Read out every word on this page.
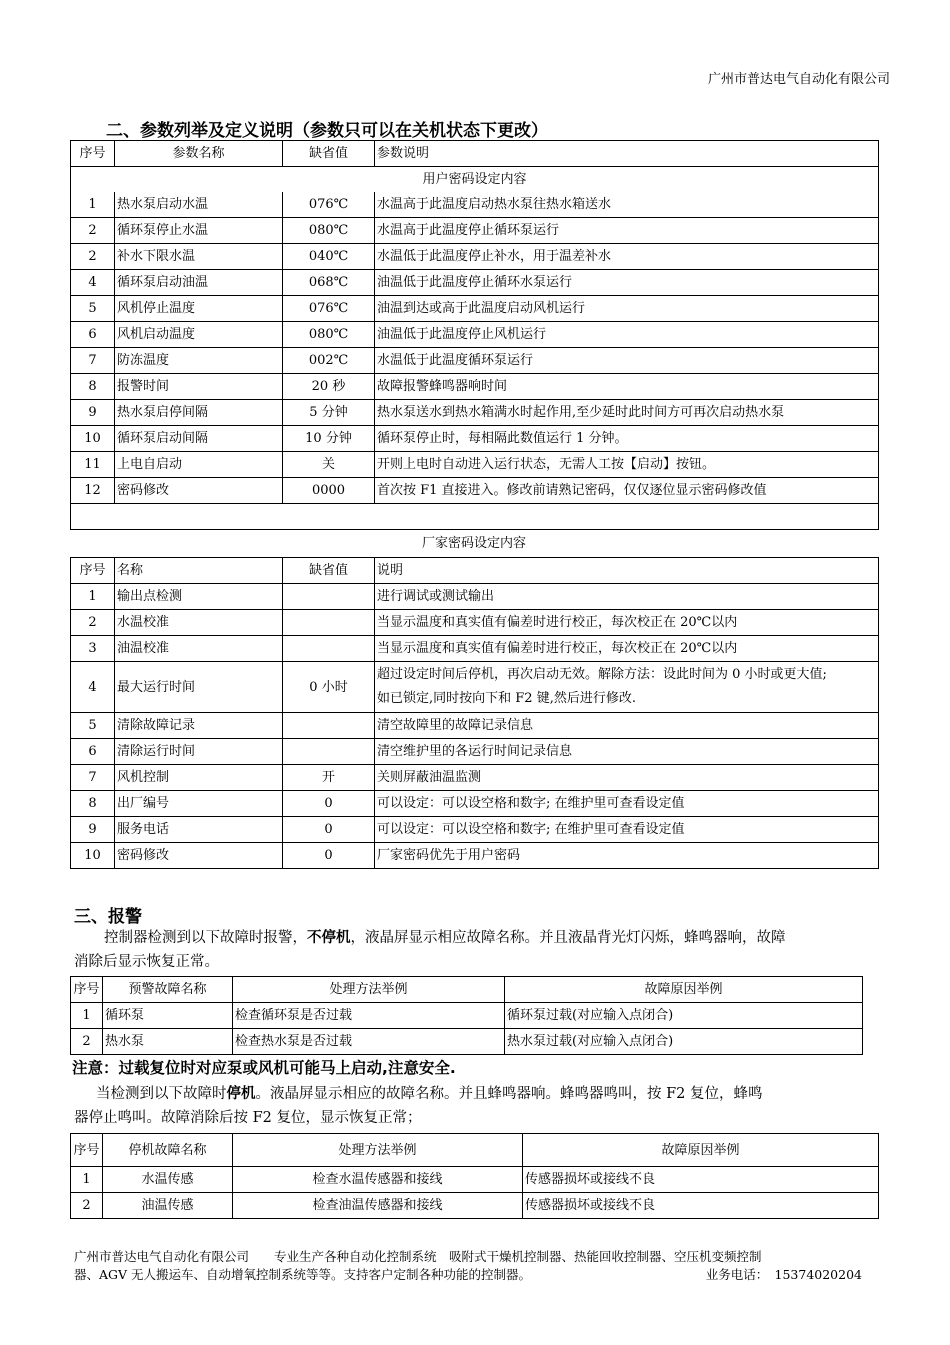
广州市普达电气自动化有限公司
二、参数列举及定义说明（参数只可以在关机状态下更改）
序号	参数名称	缺省值	参数说明
用户密码设定内容			
1	热水泵启动水温	076℃	水温高于此温度启动热水泵往热水箱送水
2	循环泵停止水温	080℃	水温高于此温度停止循环泵运行
2	补水下限水温	040℃	水温低于此温度停止补水，用于温差补水
4	循环泵启动油温	068℃	油温低于此温度停止循环水泵运行
5	风机停止温度	076℃	油温到达或高于此温度启动风机运行
6	风机启动温度	080℃	油温低于此温度停止风机运行
7	防冻温度	002℃	水温低于此温度循环泵运行
8	报警时间	20 秒	故障报警蜂鸣器响时间
9	热水泵启停间隔	5 分钟	热水泵送水到热水箱满水时起作用,至少延时此时间方可再次启动热水泵
10	循环泵启动间隔	10 分钟	循环泵停止时，每相隔此数值运行 1 分钟。
11	上电自启动	关	开则上电时自动进入运行状态，无需人工按【启动】按钮。
12	密码修改	0000	首次按 F1 直接进入。修改前请熟记密码，仅仅逐位显示密码修改值

厂家密码设定内容
序号	名称	缺省值	说明
1	输出点检测		进行调试或测试输出
2	水温校准		当显示温度和真实值有偏差时进行校正，每次校正在 20℃以内
3	油温校准		当显示温度和真实值有偏差时进行校正，每次校正在 20℃以内
4	最大运行时间	0 小时	超过设定时间后停机，再次启动无效。解除方法：设此时间为 0 小时或更大值;
如已锁定,同时按向下和 F2 键,然后进行修改.

5	清除故障记录		清空故障里的故障记录信息
6	清除运行时间		清空维护里的各运行时间记录信息
7	风机控制	开	关则屏蔽油温监测
8	出厂编号	0	可以设定：可以设空格和数字; 在维护里可查看设定值
9	服务电话	0	可以设定：可以设空格和数字; 在维护里可查看设定值
10	密码修改	0	厂家密码优先于用户密码
三、报警
控制器检测到以下故障时报警，不停机，液晶屏显示相应故障名称。并且液晶背光灯闪烁，蜂鸣器响，故障
消除后显示恢复正常。
序号	预警故障名称	处理方法举例	故障原因举例
1	循环泵	检查循环泵是否过载	循环泵过载(对应输入点闭合)
2	热水泵	检查热水泵是否过载	热水泵过载(对应输入点闭合)
注意：过载复位时对应泵或风机可能马上启动,注意安全.
当检测到以下故障时停机。液晶屏显示相应的故障名称。并且蜂鸣器响。蜂鸣器鸣叫，按 F2 复位，蜂鸣
器停止鸣叫。故障消除后按 F2 复位，显示恢复正常；
序号	停机故障名称	处理方法举例	故障原因举例
1	水温传感	检查水温传感器和接线	传感器损坏或接线不良
2	油温传感	检查油温传感器和接线	传感器损坏或接线不良
广州市普达电气自动化有限公司　　专业生产各种自动化控制系统　吸附式干燥机控制器、热能回收控制器、空压机变频控制
器、AGV 无人搬运车、自动增氧控制系统等等。支持客户定制各种功能的控制器。	业务电话：　15374020204
